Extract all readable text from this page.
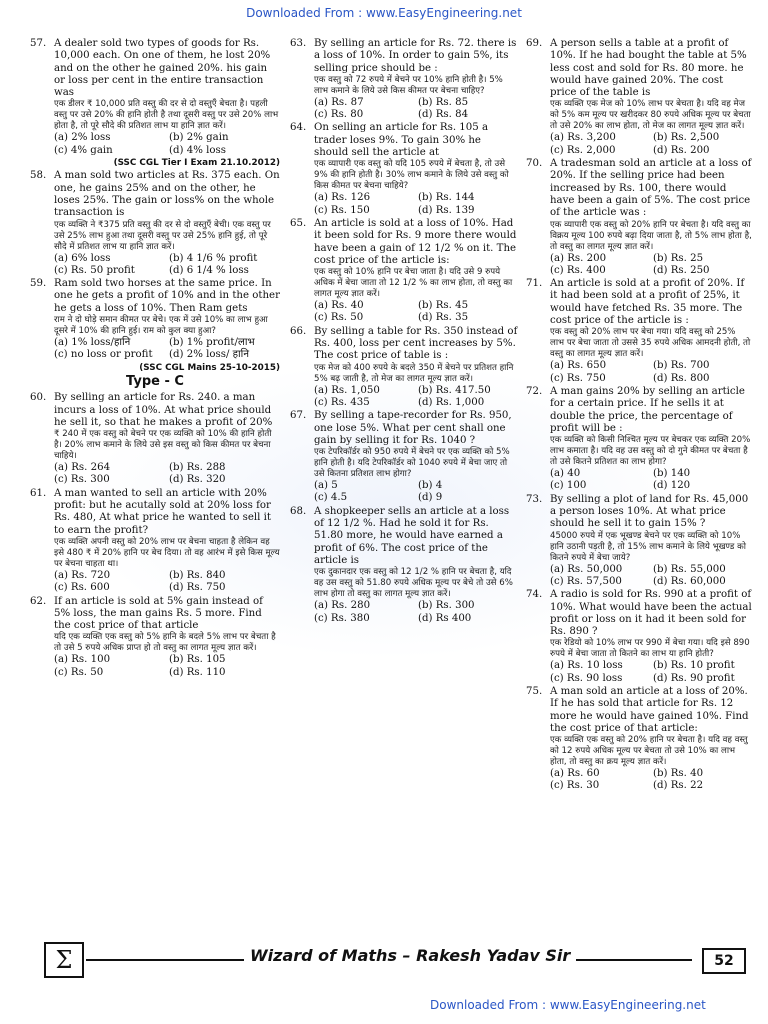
Downloaded From : www.EasyEngineering.net
57. A dealer sold two types of goods for Rs. 10,000 each. On one of them, he lost 20% and on the other he gained 20%. his gain or loss per cent in the entire transaction was
एक डीलर ₹ 10,000 प्रति वस्तु की दर से दो वस्तुएँ बेचता है। पहली वस्तु पर उसे 20% की हानि होती है तथा दूसरी वस्तु पर उसे 20% लाभ होता है, तो पूरे सौदे की प्रतिशत लाभ या हानि ज्ञात करें।
(a) 2% loss	(b) 2% gain
(c) 4% gain	(d) 4% loss
(SSC CGL Tier I Exam 21.10.2012)
58. A man sold two articles at Rs. 375 each. On one, he gains 25% and on the other, he loses 25%. The gain or loss% on the whole transaction is
एक व्यक्ति ने ₹375 प्रति वस्तु की दर से दो वस्तुएँ बेची। एक वस्तु पर उसे 25% लाभ हुआ तथा दूसरी वस्तु पर उसे 25% हानि हुई, तो पूरे सौदे में प्रतिशत लाभ या हानि ज्ञात करें।
(a) 6% loss	(b) 4 1/6 % profit
(c) Rs. 50 profit	(d) 6 1/4 % loss
59. Ram sold two horses at the same price. In one he gets a profit of 10% and in the other he gets a loss of 10%. Then Ram gets
राम ने दो घोड़े समान कीमत पर बेचे। एक में उसे 10% का लाभ हुआ दूसरे में 10% की हानि हुई। राम को कुल क्या हुआ?
(a) 1% loss/हानि	(b) 1% profit/लाभ
(c) no loss or profit	(d) 2% loss/ हानि
(SSC CGL Mains 25-10-2015)
Type - C
60. By selling an article for Rs. 240. a man incurs a loss of 10%. At what price should he sell it, so that he makes a profit of 20%
₹ 240 में एक वस्तु को बेचने पर एक व्यक्ति को 10% की हानि होती है। 20% लाभ कमाने के लिये उसे इस वस्तु को किस कीमत पर बेचना चाहिये।
(a) Rs. 264	(b) Rs. 288
(c) Rs. 300	(d) Rs. 320
61. A man wanted to sell an article with 20% profit: but he acutally sold at 20% loss for Rs. 480, At what price he wanted to sell it to earn the profit?
एक व्यक्ति अपनी वस्तु को 20% लाभ पर बेचना चाहता है लेकिन वह इसे 480 ₹ में 20% हानि पर बेच दिया। तो वह आरंभ में इसे किस मूल्य पर बेचना चाहता था।
(a) Rs. 720	(b) Rs. 840
(c) Rs. 600	(d) Rs. 750
62. If an article is sold at 5% gain instead of 5% loss, the man gains Rs. 5 more. Find the cost price of that article
यदि एक व्यक्ति एक वस्तु को 5% हानि के बदले 5% लाभ पर बेचता है तो उसे 5 रुपये अधिक प्राप्त हो तो वस्तु का लागत मूल्य ज्ञात करें।
(a) Rs. 100	(b) Rs. 105
(c) Rs. 50	(d) Rs. 110
63. By selling an article for Rs. 72. there is a loss of 10%. In order to gain 5%, its selling price should be :
एक वस्तु को 72 रुपये में बेचने पर 10% हानि होती है। 5% लाभ कमाने के लिये उसे किस कीमत पर बेचना चाहिए?
(a) Rs. 87	(b) Rs. 85
(c) Rs. 80	(d) Rs. 84
64. On selling an article for Rs. 105 a trader loses 9%. To gain 30% he should sell the article at
एक व्यापारी एक वस्तु को यदि 105 रुपये में बेचता है, तो उसे 9% की हानि होती है। 30% लाभ कमाने के लिये उसे वस्तु को किस कीमत पर बेचना चाहिये?
(a) Rs. 126	(b) Rs. 144
(c) Rs. 150	(d) Rs. 139
65. An article is sold at a loss of 10%. Had it been sold for Rs. 9 more there would have been a gain of 12 1/2 % on it. The cost price of the article is:
एक वस्तु को 10% हानि पर बेचा जाता है। यदि उसे 9 रुपये अधिक में बेचा जाता तो 12 1/2 % का लाभ होता, तो वस्तु का लागत मूल्य ज्ञात करें।
(a) Rs. 40	(b) Rs. 45
(c) Rs. 50	(d) Rs. 35
66. By selling a table for Rs. 350 instead of Rs. 400, loss per cent increases by 5%. The cost price of table is :
एक मेज को 400 रुपये के बदले 350 में बेचने पर प्रतिशत हानि 5% बढ़ जाती है, तो मेज का लागत मूल्य ज्ञात करें।
(a) Rs. 1,050	(b) Rs. 417.50
(c) Rs. 435	(d) Rs. 1,000
67. By selling a tape-recorder for Rs. 950, one lose 5%. What per cent shall one gain by selling it for Rs. 1040 ?
एक टेपरिकॉर्डर को 950 रुपये में बेचने पर एक व्यक्ति को 5% हानि होती है। यदि टेपरिकॉर्डर को 1040 रुपये में बेचा जाए तो उसे कितना प्रतिशत लाभ होगा?
(a) 5	(b) 4
(c) 4.5	(d) 9
68. A shopkeeper sells an article at a loss of 12 1/2 %. Had he sold it for Rs. 51.80 more, he would have earned a profit of 6%. The cost price of the article is
एक दुकानदार एक वस्तु को 12 1/2 % हानि पर बेचता है, यदि वह उस वस्तु को 51.80 रुपये अधिक मूल्य पर बेचे तो उसे 6% लाभ होगा तो वस्तु का लागत मूल्य ज्ञात करें।
(a) Rs. 280	(b) Rs. 300
(c) Rs. 380	(d) Rs 400
69. A person sells a table at a profit of 10%. If he had bought the table at 5% less cost and sold for Rs. 80 more. he would have gained 20%. The cost price of the table is
एक व्यक्ति एक मेज को 10% लाभ पर बेचता है। यदि वह मेज को 5% कम मूल्य पर खरीदकर 80 रुपये अधिक मूल्य पर बेचता तो उसे 20% का लाभ होता, तो मेज का लागत मूल्य ज्ञात करें।
(a) Rs. 3,200	(b) Rs. 2,500
(c) Rs. 2,000	(d) Rs. 200
70. A tradesman sold an article at a loss of 20%. If the selling price had been increased by Rs. 100, there would have been a gain of 5%. The cost price of the article was :
एक व्यापारी एक वस्तु को 20% हानि पर बेचता है। यदि वस्तु का विक्रय मूल्य 100 रुपये बढ़ा दिया जाता है, तो 5% लाभ होता है, तो वस्तु का लागत मूल्य ज्ञात करें।
(a) Rs. 200	(b) Rs. 25
(c) Rs. 400	(d) Rs. 250
71. An article is sold at a profit of 20%. If it had been sold at a profit of 25%, it would have fetched Rs. 35 more. The cost price of the article is :
एक वस्तु को 20% लाभ पर बेचा गया। यदि वस्तु को 25% लाभ पर बेचा जाता तो उससे 35 रुपये अधिक आमदनी होती, तो वस्तु का लागत मूल्य ज्ञात करें।
(a) Rs. 650	(b) Rs. 700
(c) Rs. 750	(d) Rs. 800
72. A man gains 20% by selling an article for a certain price. If he sells it at double the price, the percentage of profit will be :
एक व्यक्ति को किसी निश्चित मूल्य पर बेचकर एक व्यक्ति 20% लाभ कमाता है। यदि वह उस वस्तु को दो गुने कीमत पर बेचता है तो उसे कितने प्रतिशत का लाभ होगा?
(a) 40	(b) 140
(c) 100	(d) 120
73. By selling a plot of land for Rs. 45,000 a person loses 10%. At what price should he sell it to gain 15% ?
45000 रुपये में एक भूखण्ड बेचने पर एक व्यक्ति को 10% हानि उठानी पड़ती है, तो 15% लाभ कमाने के लिये भूखण्ड को कितने रुपये में बेचा जाये?
(a) Rs. 50,000	(b) Rs. 55,000
(c) Rs. 57,500	(d) Rs. 60,000
74. A radio is sold for Rs. 990 at a profit of 10%. What would have been the actual profit or loss on it had it been sold for Rs. 890 ?
एक रेडियो को 10% लाभ पर 990 में बेचा गया। यदि इसे 890 रुपये में बेचा जाता तो कितने का लाभ या हानि होती?
(a) Rs. 10 loss	(b) Rs. 10 profit
(c) Rs. 90 loss	(d) Rs. 90 profit
75. A man sold an article at a loss of 20%. If he has sold that article for Rs. 12 more he would have gained 10%. Find the cost price of that article:
एक व्यक्ति एक वस्तु को 20% हानि पर बेचता है। यदि वह वस्तु को 12 रुपये अधिक मूल्य पर बेचता तो उसे 10% का लाभ होता, तो वस्तु का क्रय मूल्य ज्ञात करें।
(a) Rs. 60	(b) Rs. 40
(c) Rs. 30	(d) Rs. 22
Σ	Wizard of Maths – Rakesh Yadav Sir	52
Downloaded From : www.EasyEngineering.net
